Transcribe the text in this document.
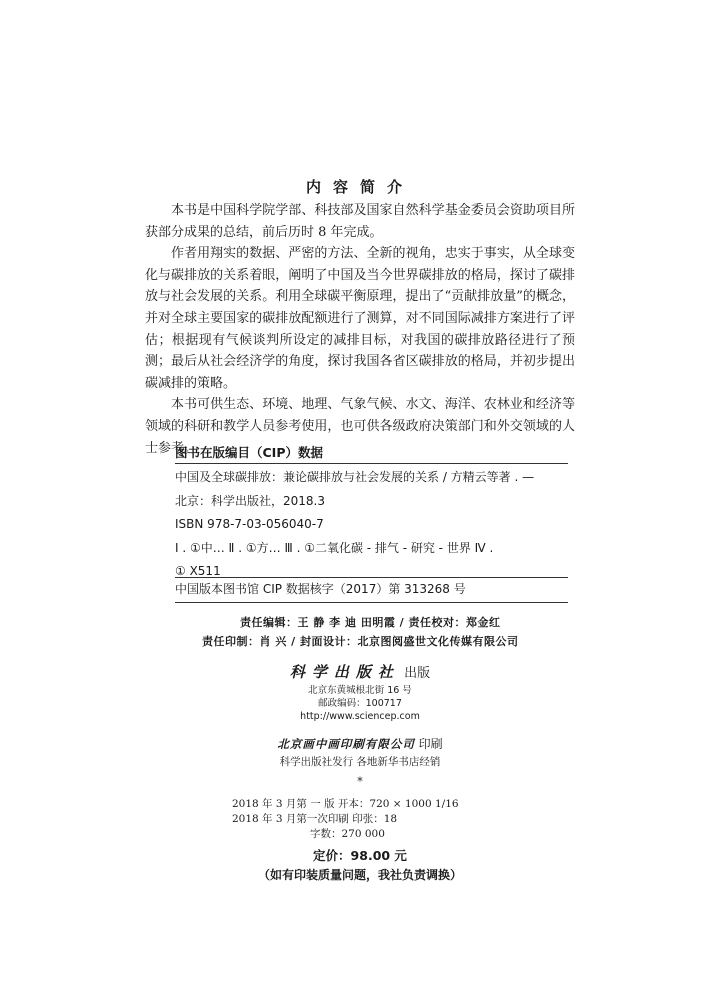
内容简介

本书是中国科学院学部、科技部及国家自然科学基金委员会资助项目所获部分成果的总结，前后历时 8 年完成。

作者用翔实的数据、严密的方法、全新的视角，忠实于事实，从全球变化与碳排放的关系着眼，阐明了中国及当今世界碳排放的格局，探讨了碳排放与社会发展的关系。利用全球碳平衡原理，提出了“贡献排放量”的概念，并对全球主要国家的碳排放配额进行了测算，对不同国际减排方案进行了评估；根据现有气候谈判所设定的减排目标，对我国的碳排放路径进行了预测；最后从社会经济学的角度，探讨我国各省区碳排放的格局，并初步提出碳减排的策略。

本书可供生态、环境、地理、气象气候、水文、海洋、农林业和经济等领域的科研和教学人员参考使用，也可供各级政府决策部门和外交领域的人士参考。

图书在版编目（CIP）数据
中国及全球碳排放：兼论碳排放与社会发展的关系 / 方精云等著 . —
北京：科学出版社，2018.3
ISBN 978-7-03-056040-7
Ⅰ . ①中… Ⅱ . ①方… Ⅲ . ①二氧化碳 - 排气 - 研究 - 世界 Ⅳ .
① X511
中国版本图书馆 CIP 数据核字（2017）第 313268 号
责任编辑：王 静 李 迪 田明霞 / 责任校对：郑金红
责任印制：肖 兴 / 封面设计：北京图阅盛世文化传媒有限公司
科学出版社 出版
北京东黄城根北街 16 号
邮政编码：100717
http://www.sciencep.com
北京画中画印刷有限公司 印刷
科学出版社发行 各地新华书店经销
*
2018 年 3 月第 一 版 开本：720 × 1000 1/16
2018 年 3 月第一次印刷 印张：18
字数：270 000
定价：98.00 元
（如有印装质量问题，我社负责调换）
